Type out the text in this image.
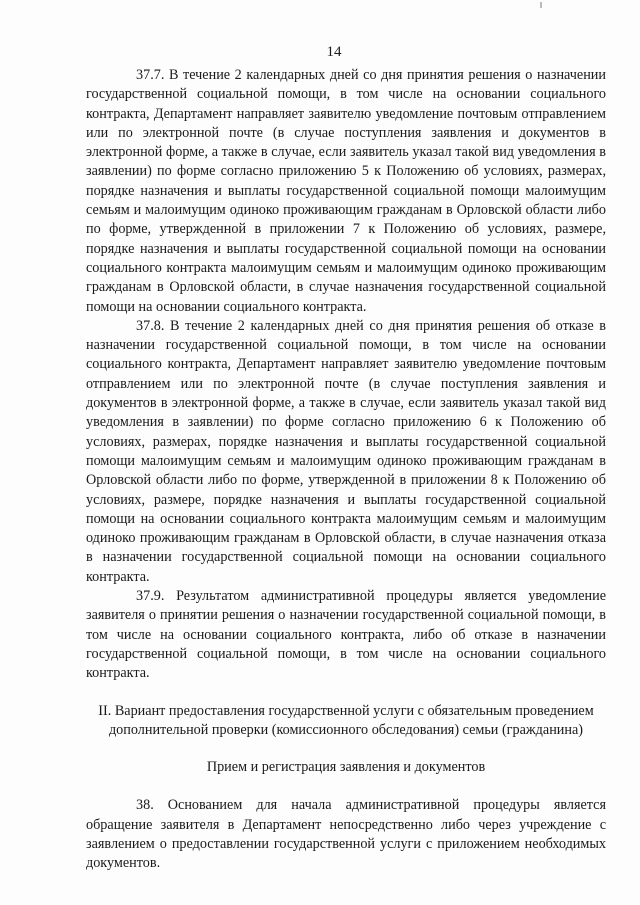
14

37.7. В течение 2 календарных дней со дня принятия решения о назначении государственной социальной помощи, в том числе на основании социального контракта, Департамент направляет заявителю уведомление почтовым отправлением или по электронной почте (в случае поступления заявления и документов в электронной форме, а также в случае, если заявитель указал такой вид уведомления в заявлении) по форме согласно приложению 5 к Положению об условиях, размерах, порядке назначения и выплаты государственной социальной помощи малоимущим семьям и малоимущим одиноко проживающим гражданам в Орловской области либо по форме, утвержденной в приложении 7 к Положению об условиях, размере, порядке назначения и выплаты государственной социальной помощи на основании социального контракта малоимущим семьям и малоимущим одиноко проживающим гражданам в Орловской области, в случае назначения государственной социальной помощи на основании социального контракта.

37.8. В течение 2 календарных дней со дня принятия решения об отказе в назначении государственной социальной помощи, в том числе на основании социального контракта, Департамент направляет заявителю уведомление почтовым отправлением или по электронной почте (в случае поступления заявления и документов в электронной форме, а также в случае, если заявитель указал такой вид уведомления в заявлении) по форме согласно приложению 6 к Положению об условиях, размерах, порядке назначения и выплаты государственной социальной помощи малоимущим семьям и малоимущим одиноко проживающим гражданам в Орловской области либо по форме, утвержденной в приложении 8 к Положению об условиях, размере, порядке назначения и выплаты государственной социальной помощи на основании социального контракта малоимущим семьям и малоимущим одиноко проживающим гражданам в Орловской области, в случае назначения отказа в назначении государственной социальной помощи на основании социального контракта.

37.9. Результатом административной процедуры является уведомление заявителя о принятии решения о назначении государственной социальной помощи, в том числе на основании социального контракта, либо об отказе в назначении государственной социальной помощи, в том числе на основании социального контракта.

II. Вариант предоставления государственной услуги с обязательным проведением дополнительной проверки (комиссионного обследования) семьи (гражданина)

Прием и регистрация заявления и документов

38. Основанием для начала административной процедуры является обращение заявителя в Департамент непосредственно либо через учреждение с заявлением о предоставлении государственной услуги с приложением необходимых документов.
